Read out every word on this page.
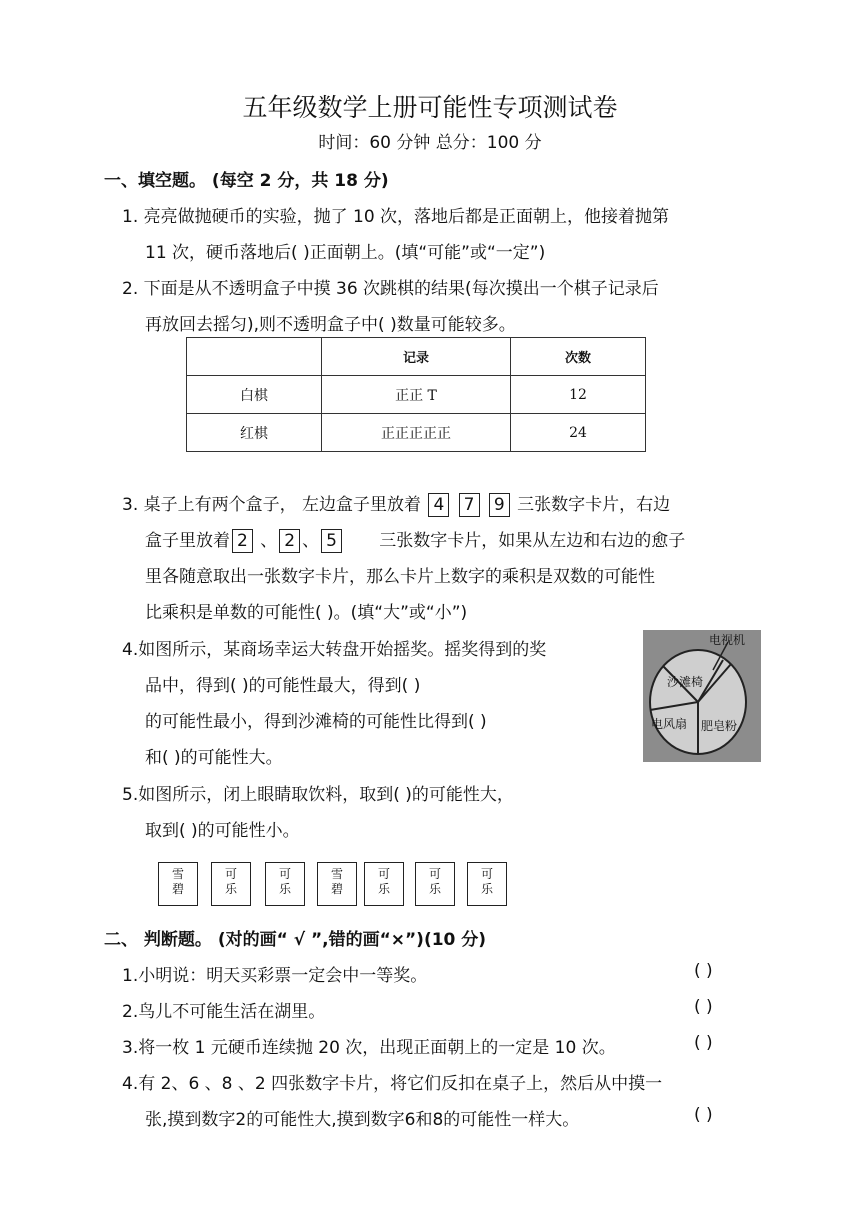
五年级数学上册可能性专项测试卷
时间：60 分钟 总分：100 分
一、填空题。 (每空 2 分，共 18 分)
1. 亮亮做抛硬币的实验，抛了 10 次，落地后都是正面朝上，他接着抛第
11 次，硬币落地后( )正面朝上。(填“可能”或“一定”)
2. 下面是从不透明盒子中摸 36 次跳棋的结果(每次摸出一个棋子记录后
再放回去摇匀),则不透明盒子中( )数量可能较多。
	记录	次数
白棋	正正 T	12
红棋	正正正正正	24
3. 桌子上有两个盒子， 左边盒子里放着 4 7 9 三张数字卡片，右边
盒子里放着 2 、 2 、 5 三张数字卡片，如果从左边和右边的愈子
里各随意取出一张数字卡片，那么卡片上数字的乘积是双数的可能性
比乘积是单数的可能性( )。(填“大”或“小”)
4.如图所示，某商场幸运大转盘开始摇奖。摇奖得到的奖
品中，得到( )的可能性最大，得到( )
的可能性最小，得到沙滩椅的可能性比得到( )
和( )的可能性大。
电视机
沙滩椅
电风扇 肥皂粉
5.如图所示，闭上眼睛取饮料，取到( )的可能性大，
取到( )的可能性小。
雪
碧
可
乐
可
乐
雪
碧
可
乐
可
乐
可
乐
二、 判断题。 (对的画“ √ ”,错的画“×”)(10 分)
1.小明说：明天买彩票一定会中一等奖。	( )
2.鸟儿不可能生活在湖里。	( )
3.将一枚 1 元硬币连续抛 20 次，出现正面朝上的一定是 10 次。	( )
4.有 2、6 、8 、2 四张数字卡片，将它们反扣在桌子上，然后从中摸一
张,摸到数字2的可能性大,摸到数字6和8的可能性一样大。	( )
